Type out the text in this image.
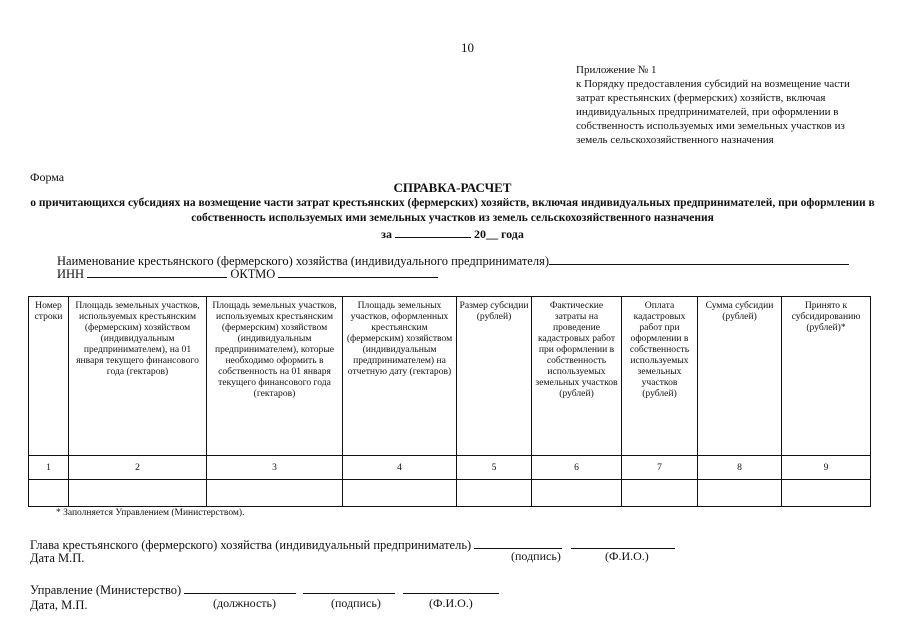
10
Приложение № 1
к Порядку предоставления субсидий на возмещение части затрат крестьянских (фермерских) хозяйств, включая индивидуальных предпринимателей, при оформлении в собственность используемых ими земельных участков из земель сельскохозяйственного назначения
Форма
СПРАВКА-РАСЧЕТ
о причитающихся субсидиях на возмещение части затрат крестьянских (фермерских) хозяйств, включая индивидуальных предпринимателей, при оформлении в собственность используемых ими земельных участков из земель сельскохозяйственного назначения
за	20__ года
Наименование крестьянского (фермерского) хозяйства (индивидуального предпринимателя)
ИНН	ОКТМО
Номер строки	Площадь земельных участков, используемых крестьянским (фермерским) хозяйством (индивидуальным предпринимателем), на 01 января текущего финансового года (гектаров)	Площадь земельных участков, используемых крестьянским (фермерским) хозяйством (индивидуальным предпринимателем), которые необходимо оформить в собственность на 01 января текущего финансового года (гектаров)	Площадь земельных участков, оформленных крестьянским (фермерским) хозяйством (индивидуальным предпринимателем) на отчетную дату (гектаров)	Размер субсидии (рублей)	Фактические затраты на проведение кадастровых работ при оформлении в собственность используемых земельных участков (рублей)	Оплата кадастровых работ при оформлении в собственность используемых земельных участков (рублей)	Сумма субсидии (рублей)	Принято к субсидированию (рублей)*
1	2	3	4	5	6	7	8	9

* Заполняется Управлением (Министерством).
Глава крестьянского (фермерского) хозяйства (индивидуальный предприниматель)
Дата М.П.	(подпись)	(Ф.И.О.)
Управление (Министерство)
Дата, М.П.	(должность)	(подпись)	(Ф.И.О.)
